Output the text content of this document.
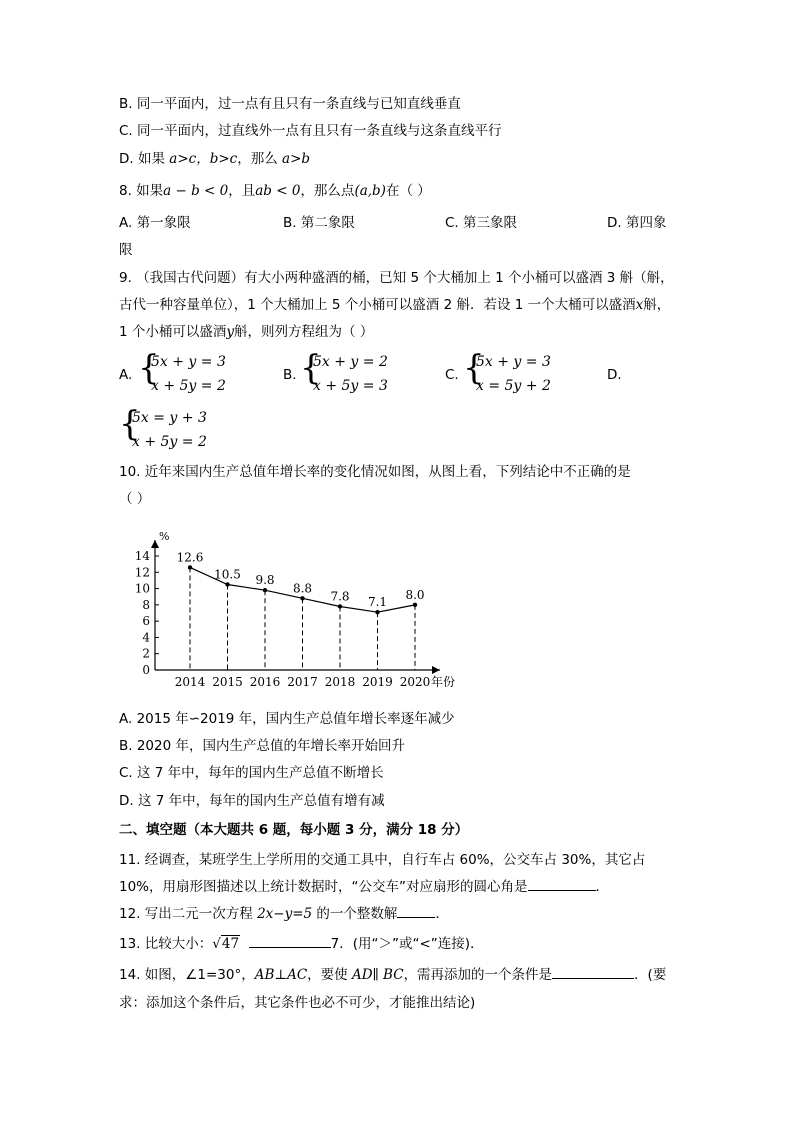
B. 同一平面内，过一点有且只有一条直线与已知直线垂直
C. 同一平面内，过直线外一点有且只有一条直线与这条直线平行
D. 如果 a>c，b>c，那么 a>b
8. 如果a − b < 0，且ab < 0，那么点(a,b)在（ ）
A. 第一象限	B. 第二象限	C. 第三象限	D. 第四象
限
9. （我国古代问题）有大小两种盛酒的桶，已知 5 个大桶加上 1 个小桶可以盛酒 3 斛（斛，
古代一种容量单位），1 个大桶加上 5 个小桶可以盛酒 2 斛．若设 1 一个大桶可以盛酒x斛，
1 个小桶可以盛酒y斛，则列方程组为（ ）
A. {
5x + y = 3
x + 5y = 2
B. {
5x + y = 2
x + 5y = 3
C. {
5x + y = 3
x = 5y + 2
D.
{
5x = y + 3
x + 5y = 2
10. 近年来国内生产总值年增长率的变化情况如图，从图上看，下列结论中不正确的是
（ ）
%
年份
0
2
4
6
8
10
12
14 12.6
2014
10.5
2015
9.8
2016
8.8
2017
7.8
2018
7.1
2019
8.0
2020
A. 2015 年∽2019 年，国内生产总值年增长率逐年减少
B. 2020 年，国内生产总值的年增长率开始回升
C. 这 7 年中，每年的国内生产总值不断增长
D. 这 7 年中，每年的国内生产总值有增有减
二、填空题（本大题共 6 题，每小题 3 分，满分 18 分）
11. 经调查，某班学生上学所用的交通工具中，自行车占 60%，公交车占 30%，其它占
10%，用扇形图描述以上统计数据时，“公交车”对应扇形的圆心角是	．
12. 写出二元一次方程 2x−y=5 的一个整数解	．
13. 比较大小：√47	7．(用“＞”或“<”连接)．
14. 如图，∠1=30°，AB⊥AC，要使 AD∥ BC，需再添加的一个条件是	．(要
求：添加这个条件后，其它条件也必不可少，才能推出结论)
